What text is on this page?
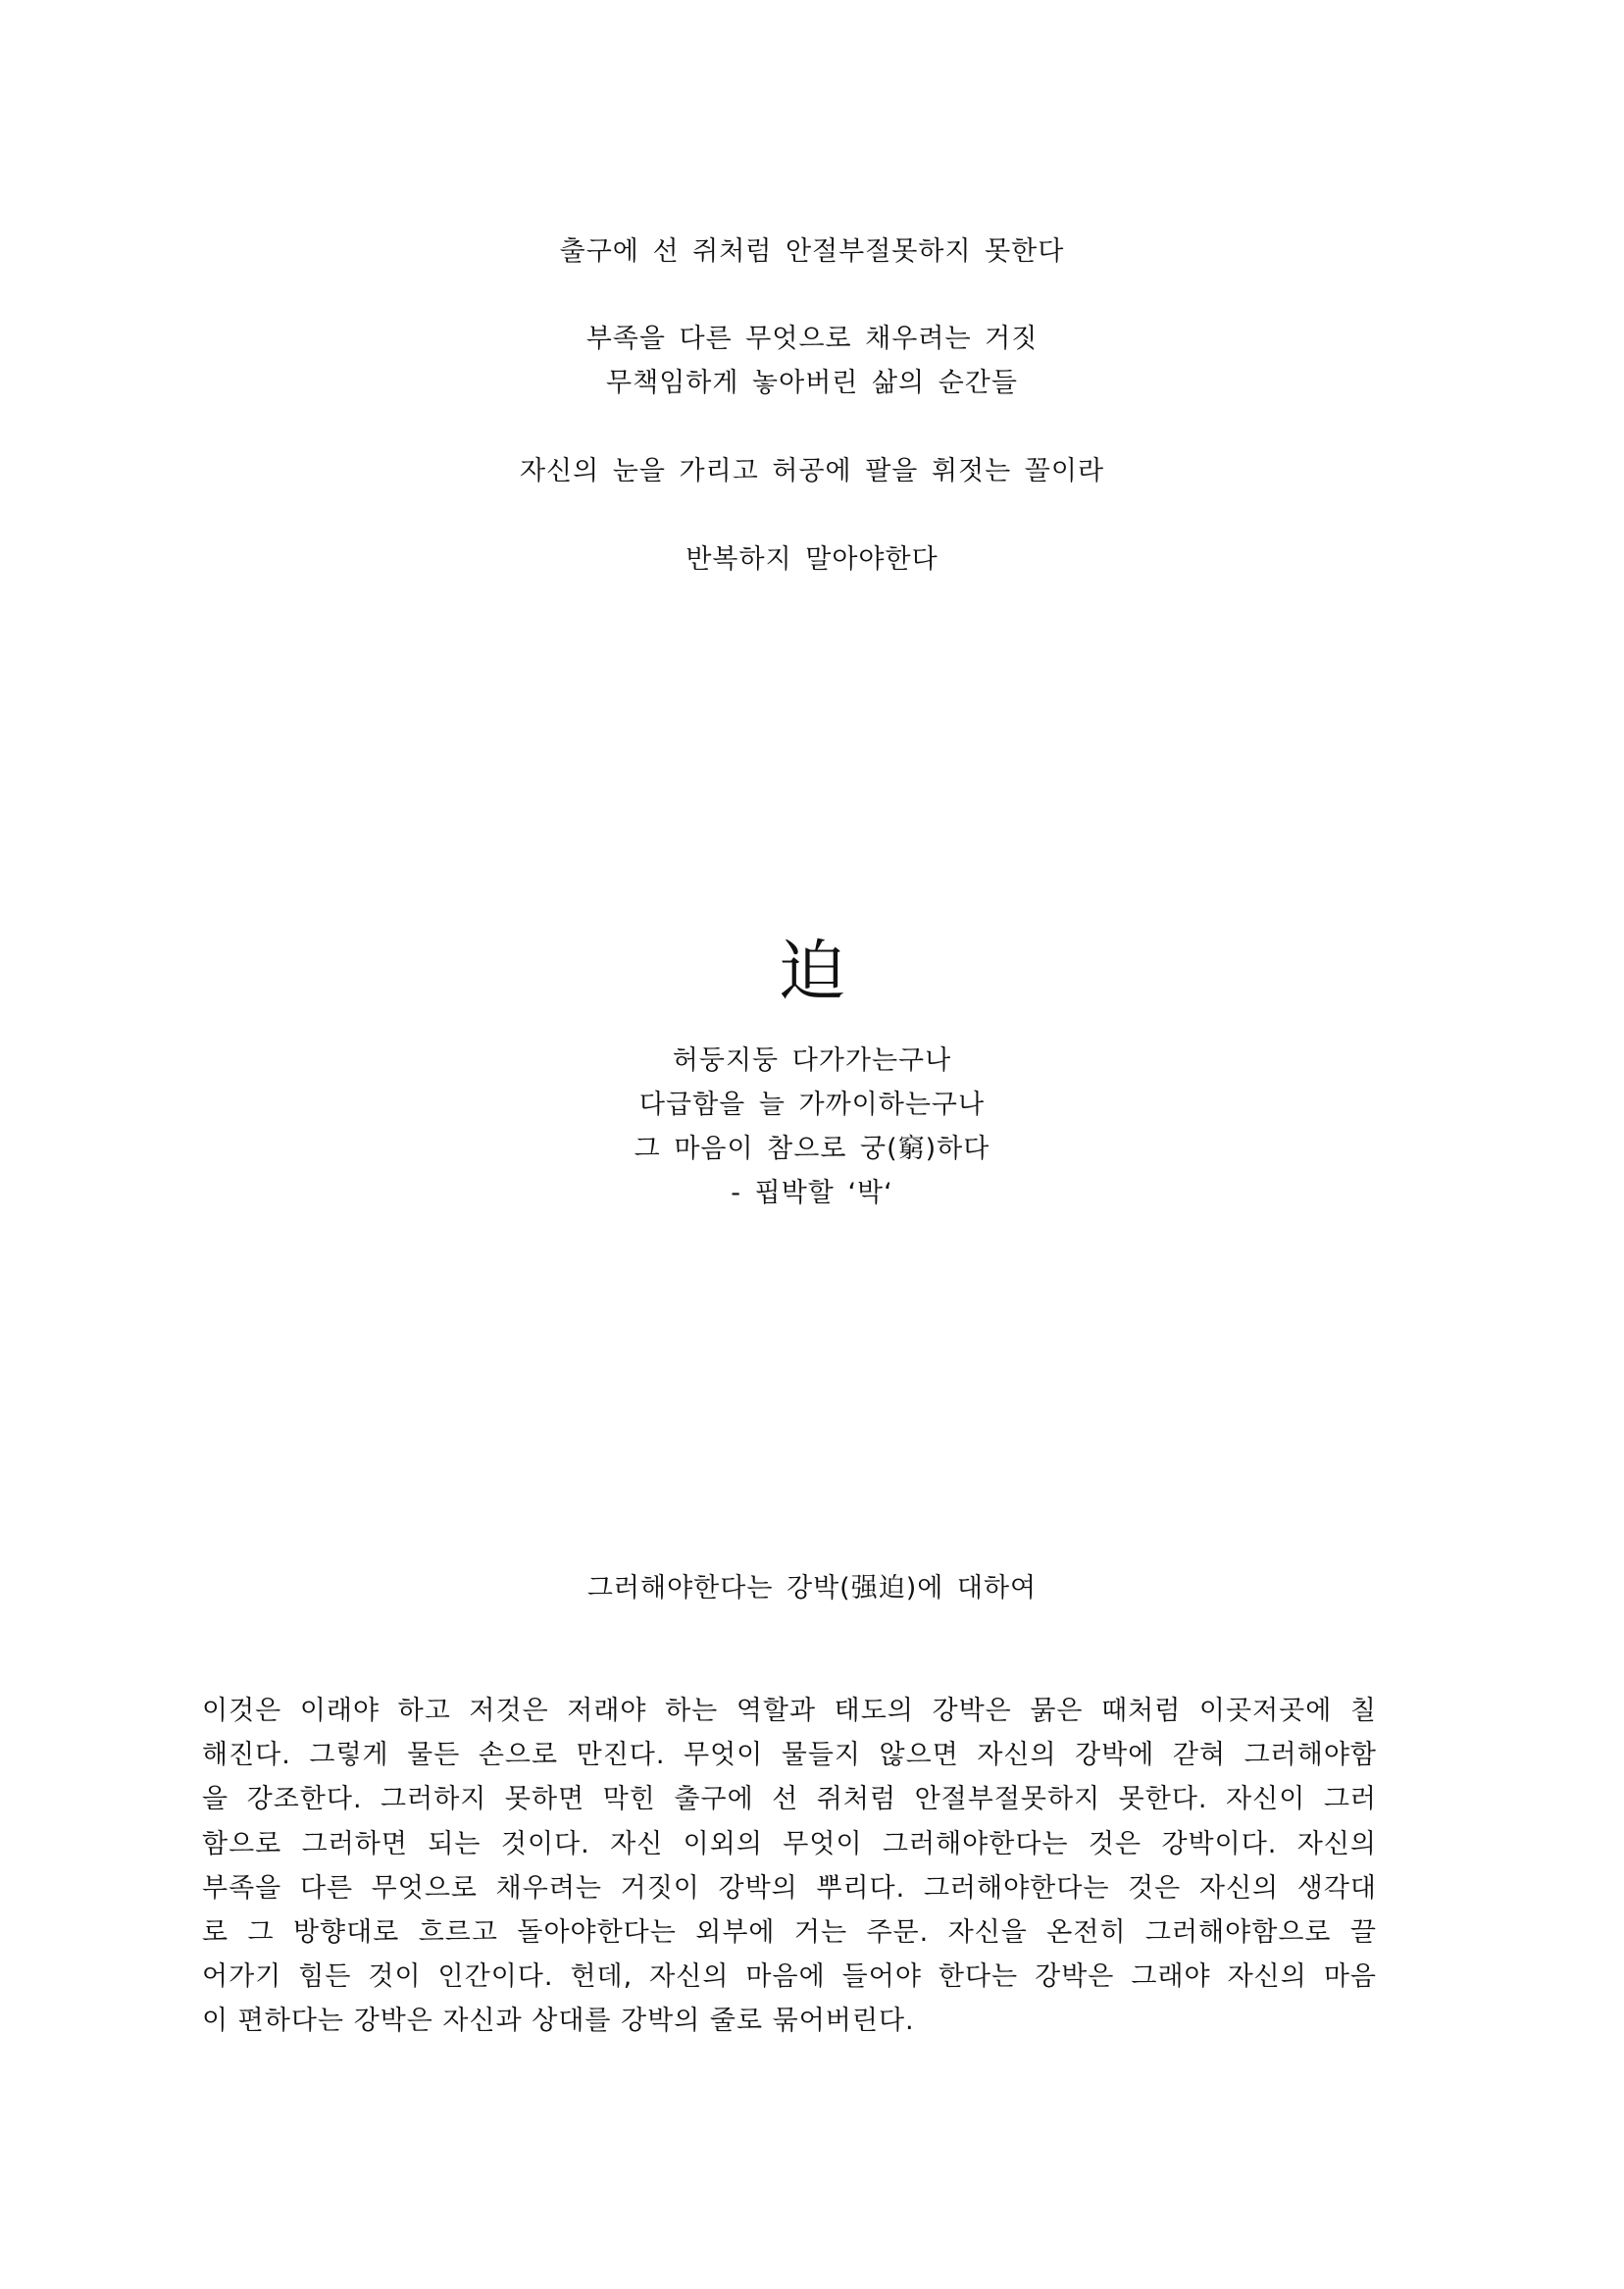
출구에 선 쥐처럼 안절부절못하지 못한다
부족을 다른 무엇으로 채우려는 거짓
무책임하게 놓아버린 삶의 순간들
자신의 눈을 가리고 허공에 팔을 휘젓는 꼴이라
반복하지 말아야한다
迫
허둥지둥 다가가는구나
다급함을 늘 가까이하는구나
그 마음이 참으로 궁(窮)하다
- 핍박할 ‘박‘
그러해야한다는 강박(强迫)에 대하여
이것은 이래야 하고 저것은 저래야 하는 역할과 태도의 강박은 묽은 때처럼 이곳저곳에 칠
해진다. 그렇게 물든 손으로 만진다. 무엇이 물들지 않으면 자신의 강박에 갇혀 그러해야함
을 강조한다. 그러하지 못하면 막힌 출구에 선 쥐처럼 안절부절못하지 못한다. 자신이 그러
함으로 그러하면 되는 것이다. 자신 이외의 무엇이 그러해야한다는 것은 강박이다. 자신의
부족을 다른 무엇으로 채우려는 거짓이 강박의 뿌리다. 그러해야한다는 것은 자신의 생각대
로 그 방향대로 흐르고 돌아야한다는 외부에 거는 주문. 자신을 온전히 그러해야함으로 끌
어가기 힘든 것이 인간이다. 헌데, 자신의 마음에 들어야 한다는 강박은 그래야 자신의 마음
이 편하다는 강박은 자신과 상대를 강박의 줄로 묶어버린다.
